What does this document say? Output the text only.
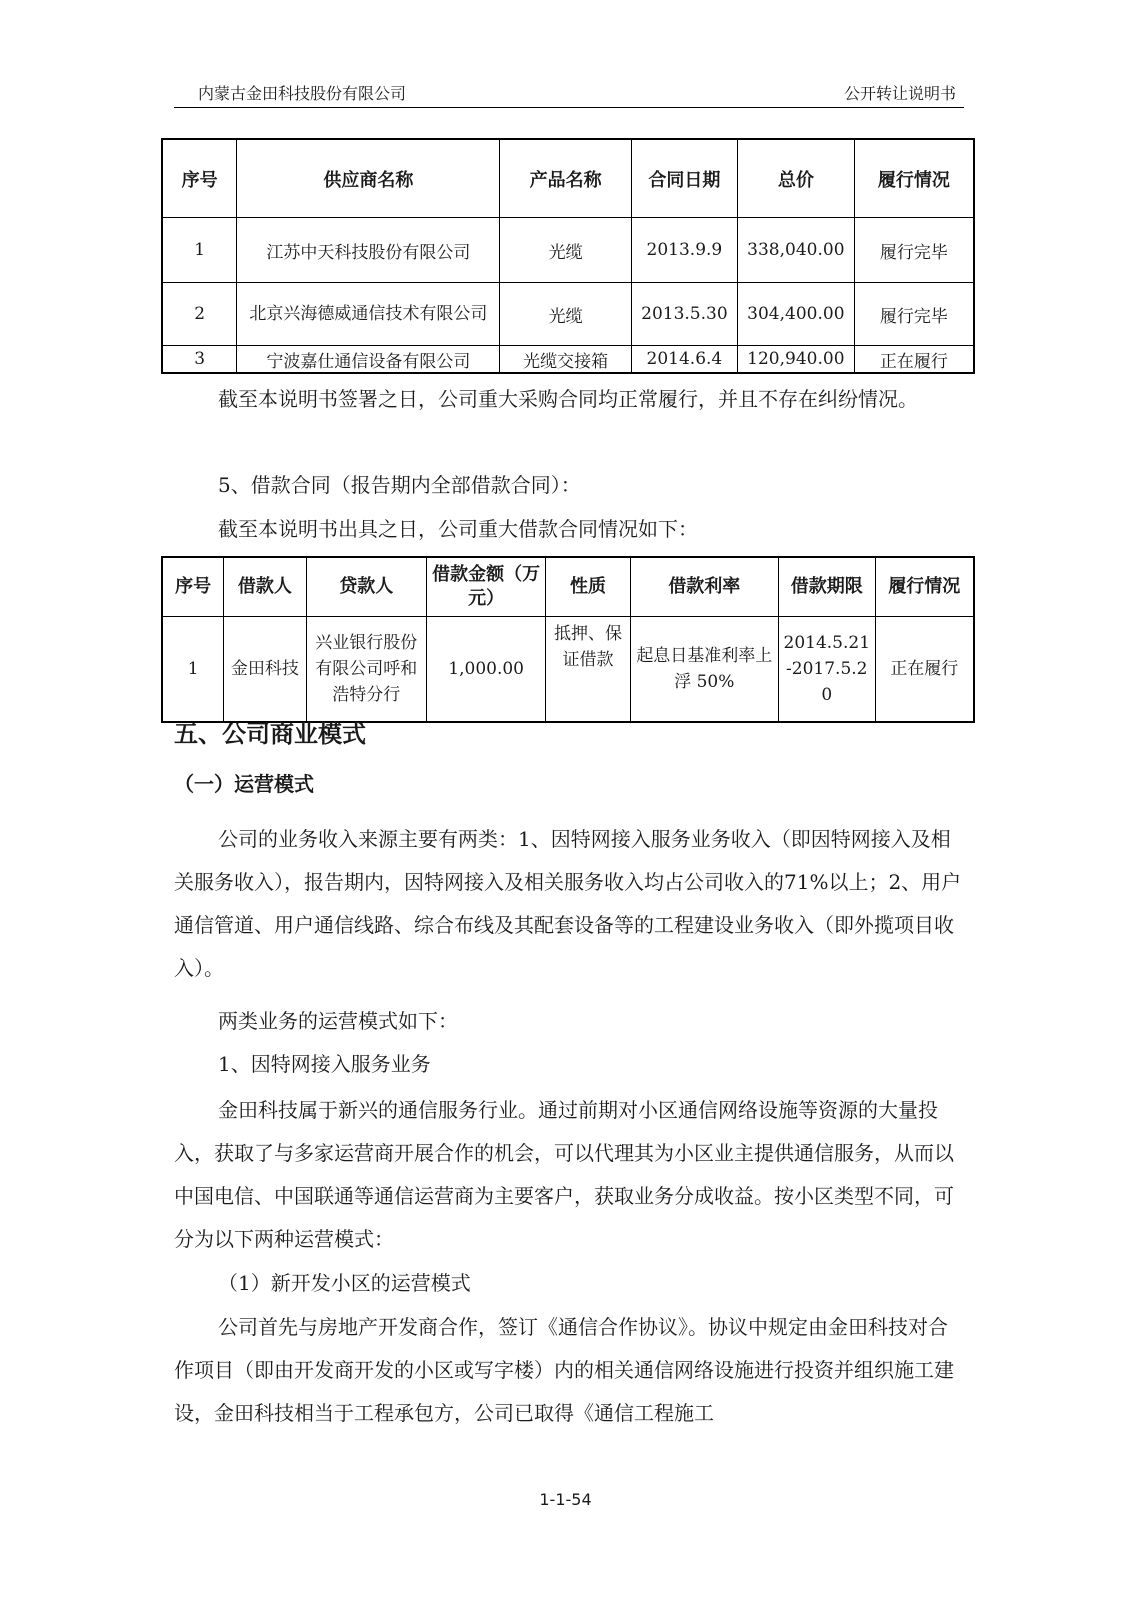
内蒙古金田科技股份有限公司	公开转让说明书
序号	供应商名称	产品名称	合同日期	总价	履行情况
1	江苏中天科技股份有限公司	光缆	2013.9.9	338,040.00	履行完毕
2	北京兴海德威通信技术有限公司	光缆	2013.5.30	304,400.00	履行完毕
3	宁波嘉仕通信设备有限公司	光缆交接箱	2014.6.4	120,940.00	正在履行
截至本说明书签署之日，公司重大采购合同均正常履行，并且不存在纠纷情况。
5、借款合同（报告期内全部借款合同）：
截至本说明书出具之日，公司重大借款合同情况如下：
序号	借款人	贷款人	借款金额（万元）	性质	借款利率	借款期限	履行情况
1	金田科技	兴业银行股份有限公司呼和浩特分行	1,000.00	抵押、保证借款	起息日基准利率上浮 50%	2014.5.21-2017.5.20	正在履行
五、公司商业模式
（一）运营模式
公司的业务收入来源主要有两类：1、因特网接入服务业务收入（即因特网接入及相关服务收入），报告期内，因特网接入及相关服务收入均占公司收入的71%以上；2、用户通信管道、用户通信线路、综合布线及其配套设备等的工程建设业务收入（即外揽项目收入）。
两类业务的运营模式如下：
1、因特网接入服务业务
金田科技属于新兴的通信服务行业。通过前期对小区通信网络设施等资源的大量投入，获取了与多家运营商开展合作的机会，可以代理其为小区业主提供通信服务，从而以中国电信、中国联通等通信运营商为主要客户，获取业务分成收益。按小区类型不同，可分为以下两种运营模式：
（1）新开发小区的运营模式
公司首先与房地产开发商合作，签订《通信合作协议》。协议中规定由金田科技对合作项目（即由开发商开发的小区或写字楼）内的相关通信网络设施进行投资并组织施工建设，金田科技相当于工程承包方，公司已取得《通信工程施工
1-1-54
